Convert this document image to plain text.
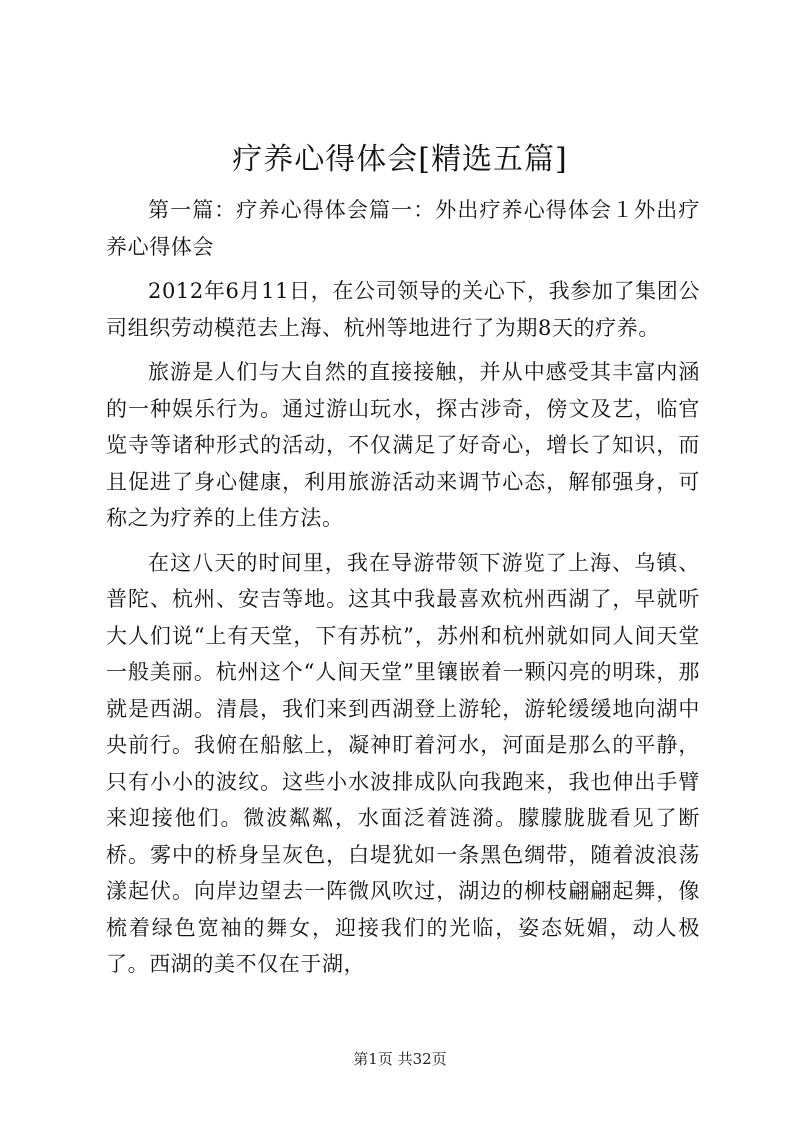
疗养心得体会[精选五篇]

第一篇：疗养心得体会篇一：外出疗养心得体会１外出疗养心得体会

2012年6月11日，在公司领导的关心下，我参加了集团公司组织劳动模范去上海、杭州等地进行了为期8天的疗养。

旅游是人们与大自然的直接接触，并从中感受其丰富内涵的一种娱乐行为。通过游山玩水，探古涉奇，傍文及艺，临官览寺等诸种形式的活动，不仅满足了好奇心，增长了知识，而且促进了身心健康，利用旅游活动来调节心态，解郁强身，可称之为疗养的上佳方法。

在这八天的时间里，我在导游带领下游览了上海、乌镇、普陀、杭州、安吉等地。这其中我最喜欢杭州西湖了，早就听大人们说“上有天堂，下有苏杭”，苏州和杭州就如同人间天堂一般美丽。杭州这个“人间天堂”里镶嵌着一颗闪亮的明珠，那就是西湖。清晨，我们来到西湖登上游轮，游轮缓缓地向湖中央前行。我俯在船舷上，凝神盯着河水，河面是那么的平静，只有小小的波纹。这些小水波排成队向我跑来，我也伸出手臂来迎接他们。微波粼粼，水面泛着涟漪。朦朦胧胧看见了断桥。雾中的桥身呈灰色，白堤犹如一条黑色绸带，随着波浪荡漾起伏。向岸边望去一阵微风吹过，湖边的柳枝翩翩起舞，像梳着绿色宽袖的舞女，迎接我们的光临，姿态妩媚，动人极了。西湖的美不仅在于湖，

第1页 共32页
